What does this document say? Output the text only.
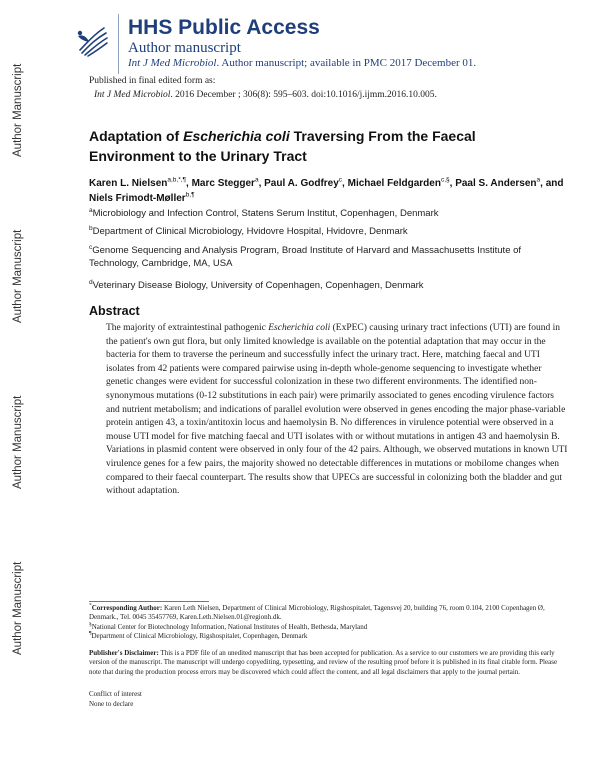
Author Manuscript
Author Manuscript
Author Manuscript
Author Manuscript
HHS Public Access
Author manuscript
Int J Med Microbiol. Author manuscript; available in PMC 2017 December 01.
Published in final edited form as:
Int J Med Microbiol. 2016 December ; 306(8): 595–603. doi:10.1016/j.ijmm.2016.10.005.
Adaptation of Escherichia coli Traversing From the Faecal Environment to the Urinary Tract
Karen L. Nielsen$^{a,b,*,\P}$, Marc Stegger$^a$, Paul A. Godfrey$^c$, Michael Feldgarden$^{c,\S}$, Paal S. Andersen$^a$, and Niels Frimodt-Møller$^{b,\P}$
$^a$Microbiology and Infection Control, Statens Serum Institut, Copenhagen, Denmark
$^b$Department of Clinical Microbiology, Hvidovre Hospital, Hvidovre, Denmark
$^c$Genome Sequencing and Analysis Program, Broad Institute of Harvard and Massachusetts Institute of Technology, Cambridge, MA, USA
$^d$Veterinary Disease Biology, University of Copenhagen, Copenhagen, Denmark
Abstract
The majority of extraintestinal pathogenic Escherichia coli (ExPEC) causing urinary tract infections (UTI) are found in the patient's own gut flora, but only limited knowledge is available on the potential adaptation that may occur in the bacteria for them to traverse the perineum and successfully infect the urinary tract. Here, matching faecal and UTI isolates from 42 patients were compared pairwise using in-depth whole-genome sequencing to investigate whether genetic changes were evident for successful colonization in these two different environments. The identified non-synonymous mutations (0-12 substitutions in each pair) were primarily associated to genes encoding virulence factors and nutrient metabolism; and indications of parallel evolution were observed in genes encoding the major phase-variable protein antigen 43, a toxin/antitoxin locus and haemolysin B. No differences in virulence potential were observed in a mouse UTI model for five matching faecal and UTI isolates with or without mutations in antigen 43 and haemolysin B. Variations in plasmid content were observed in only four of the 42 pairs. Although, we observed mutations in known UTI virulence genes for a few pairs, the majority showed no detectable differences in mutations or mobilome changes when compared to their faecal counterpart. The results show that UPECs are successful in colonizing both the bladder and gut without adaptation.
*Corresponding Author: Karen Leth Nielsen, Department of Clinical Microbiology, Rigshospitalet, Tagensvej 20, building 76, room 0.104, 2100 Copenhagen Ø, Denmark., Tel. 0045 35457769, Karen.Leth.Nielsen.01@regionh.dk.
§National Center for Biotechnology Information, National Institutes of Health, Bethesda, Maryland
¶Department of Clinical Microbiology, Rigshospitalet, Copenhagen, Denmark
Publisher's Disclaimer: This is a PDF file of an unedited manuscript that has been accepted for publication. As a service to our customers we are providing this early version of the manuscript. The manuscript will undergo copyediting, typesetting, and review of the resulting proof before it is published in its final citable form. Please note that during the production process errors may be discovered which could affect the content, and all legal disclaimers that apply to the journal pertain.
Conflict of interest
None to declare
